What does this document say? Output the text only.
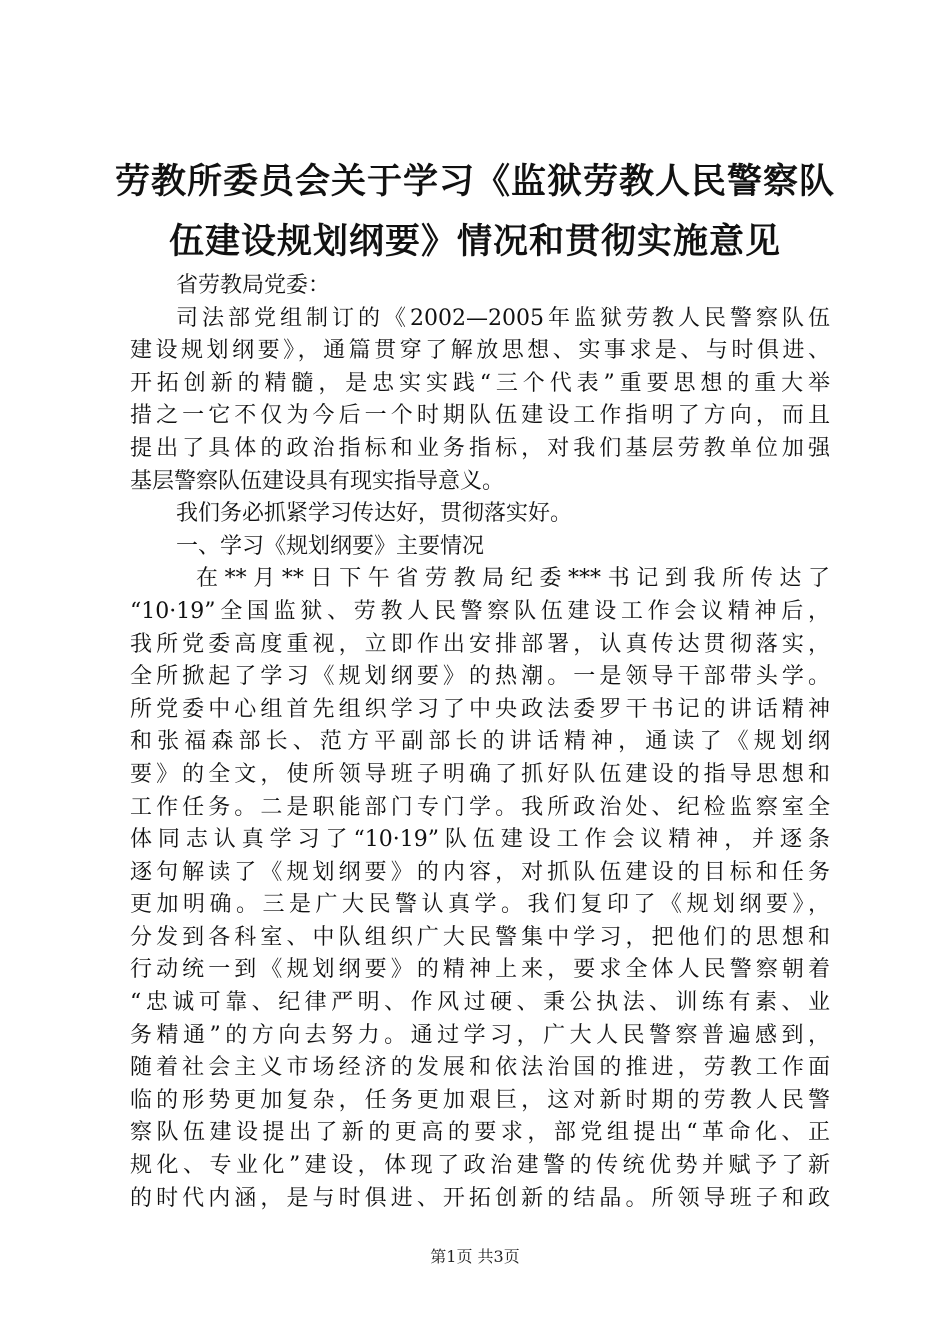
劳教所委员会关于学习《监狱劳教人民警察队
伍建设规划纲要》情况和贯彻实施意见
省劳教局党委：
司法部党组制订的《2002—2005年监狱劳教人民警察队伍
建设规划纲要》，通篇贯穿了解放思想、实事求是、与时俱进、
开拓创新的精髓，是忠实实践“三个代表”重要思想的重大举
措之一它不仅为今后一个时期队伍建设工作指明了方向，而且
提出了具体的政治指标和业务指标，对我们基层劳教单位加强
基层警察队伍建设具有现实指导意义。
我们务必抓紧学习传达好，贯彻落实好。
一、学习《规划纲要》主要情况
在**月**日下午省劳教局纪委***书记到我所传达了
“10·19”全国监狱、劳教人民警察队伍建设工作会议精神后，
我所党委高度重视，立即作出安排部署，认真传达贯彻落实，
全所掀起了学习《规划纲要》的热潮。一是领导干部带头学。
所党委中心组首先组织学习了中央政法委罗干书记的讲话精神
和张福森部长、范方平副部长的讲话精神，通读了《规划纲
要》的全文，使所领导班子明确了抓好队伍建设的指导思想和
工作任务。二是职能部门专门学。我所政治处、纪检监察室全
体同志认真学习了“10·19”队伍建设工作会议精神，并逐条
逐句解读了《规划纲要》的内容，对抓队伍建设的目标和任务
更加明确。三是广大民警认真学。我们复印了《规划纲要》，
分发到各科室、中队组织广大民警集中学习，把他们的思想和
行动统一到《规划纲要》的精神上来，要求全体人民警察朝着
“忠诚可靠、纪律严明、作风过硬、秉公执法、训练有素、业
务精通”的方向去努力。通过学习，广大人民警察普遍感到，
随着社会主义市场经济的发展和依法治国的推进，劳教工作面
临的形势更加复杂，任务更加艰巨，这对新时期的劳教人民警
察队伍建设提出了新的更高的要求，部党组提出“革命化、正
规化、专业化”建设，体现了政治建警的传统优势并赋予了新
的时代内涵，是与时俱进、开拓创新的结晶。所领导班子和政
第1页 共3页
